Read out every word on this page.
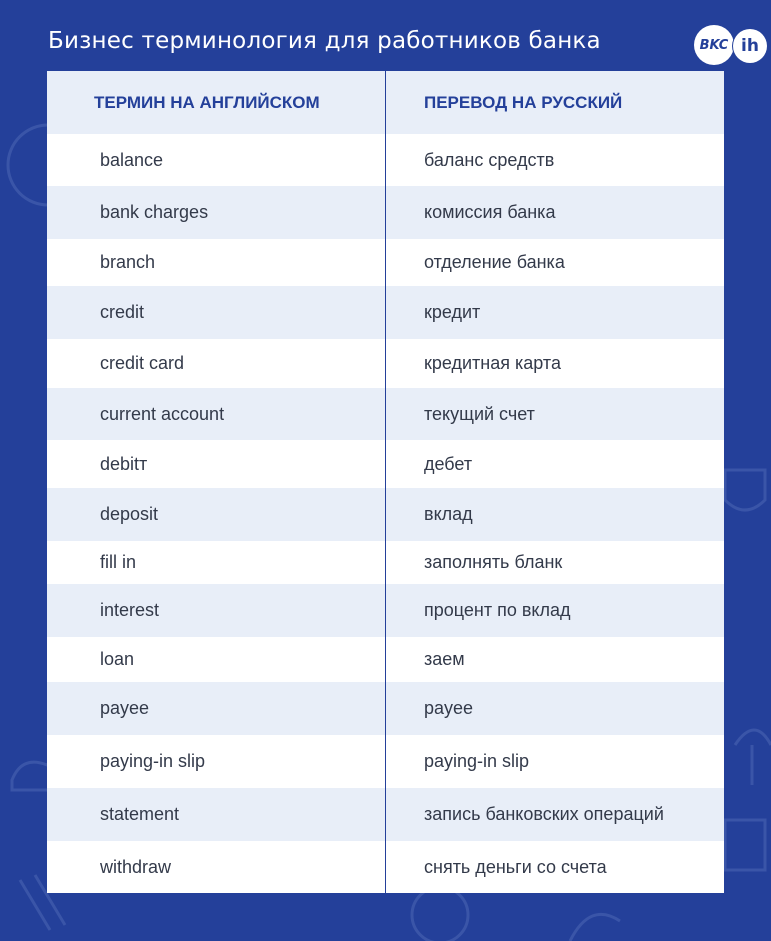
Бизнес терминология для работников банка	BKC ih
ТЕРМИН НА АНГЛИЙСКОМ	ПЕРЕВОД НА РУССКИЙ
balance	баланс средств
bank charges	комиссия банка
branch	отделение банка
credit	кредит
credit card	кредитная карта
current account	текущий счет
debitт	дебет
deposit	вклад
fill in	заполнять бланк
interest	процент по вклад
loan	заем
payee	payee
paying-in slip	paying-in slip
statement	запись банковских операций
withdraw	снять деньги со счета
